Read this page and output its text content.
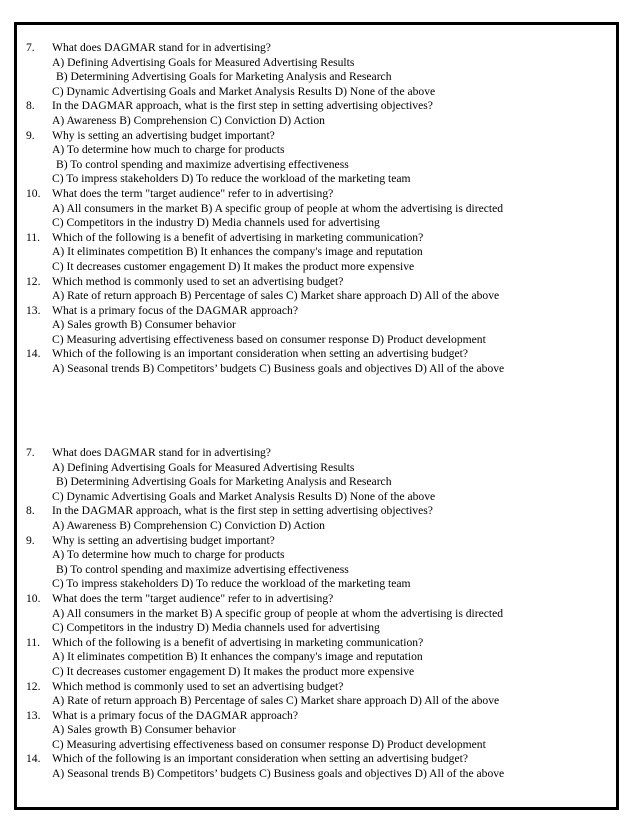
7.	What does DAGMAR stand for in advertising?
A) Defining Advertising Goals for Measured Advertising Results
B) Determining Advertising Goals for Marketing Analysis and Research
C) Dynamic Advertising Goals and Market Analysis Results D) None of the above
8.	In the DAGMAR approach, what is the first step in setting advertising objectives?
A) Awareness B) Comprehension C) Conviction D) Action
9.	Why is setting an advertising budget important?
A) To determine how much to charge for products
B) To control spending and maximize advertising effectiveness
C) To impress stakeholders D) To reduce the workload of the marketing team
10. What does the term "target audience" refer to in advertising?
A) All consumers in the market B) A specific group of people at whom the advertising is directed
C) Competitors in the industry D) Media channels used for advertising
11.	Which of the following is a benefit of advertising in marketing communication?
A) It eliminates competition B) It enhances the company's image and reputation
C) It decreases customer engagement D) It makes the product more expensive
12. Which method is commonly used to set an advertising budget?
A) Rate of return approach B) Percentage of sales C) Market share approach D) All of the above
13. What is a primary focus of the DAGMAR approach?
A) Sales growth B) Consumer behavior
C) Measuring advertising effectiveness based on consumer response D) Product development
14. Which of the following is an important consideration when setting an advertising budget?
A) Seasonal trends B) Competitors’ budgets C) Business goals and objectives D) All of the above
7.	What does DAGMAR stand for in advertising?
A) Defining Advertising Goals for Measured Advertising Results
B) Determining Advertising Goals for Marketing Analysis and Research
C) Dynamic Advertising Goals and Market Analysis Results D) None of the above
8.	In the DAGMAR approach, what is the first step in setting advertising objectives?
A) Awareness B) Comprehension C) Conviction D) Action
9.	Why is setting an advertising budget important?
A) To determine how much to charge for products
B) To control spending and maximize advertising effectiveness
C) To impress stakeholders D) To reduce the workload of the marketing team
10. What does the term "target audience" refer to in advertising?
A) All consumers in the market B) A specific group of people at whom the advertising is directed
C) Competitors in the industry D) Media channels used for advertising
11.	Which of the following is a benefit of advertising in marketing communication?
A) It eliminates competition B) It enhances the company's image and reputation
C) It decreases customer engagement D) It makes the product more expensive
12. Which method is commonly used to set an advertising budget?
A) Rate of return approach B) Percentage of sales C) Market share approach D) All of the above
13. What is a primary focus of the DAGMAR approach?
A) Sales growth B) Consumer behavior
C) Measuring advertising effectiveness based on consumer response D) Product development
14. Which of the following is an important consideration when setting an advertising budget?
A) Seasonal trends B) Competitors’ budgets C) Business goals and objectives D) All of the above
